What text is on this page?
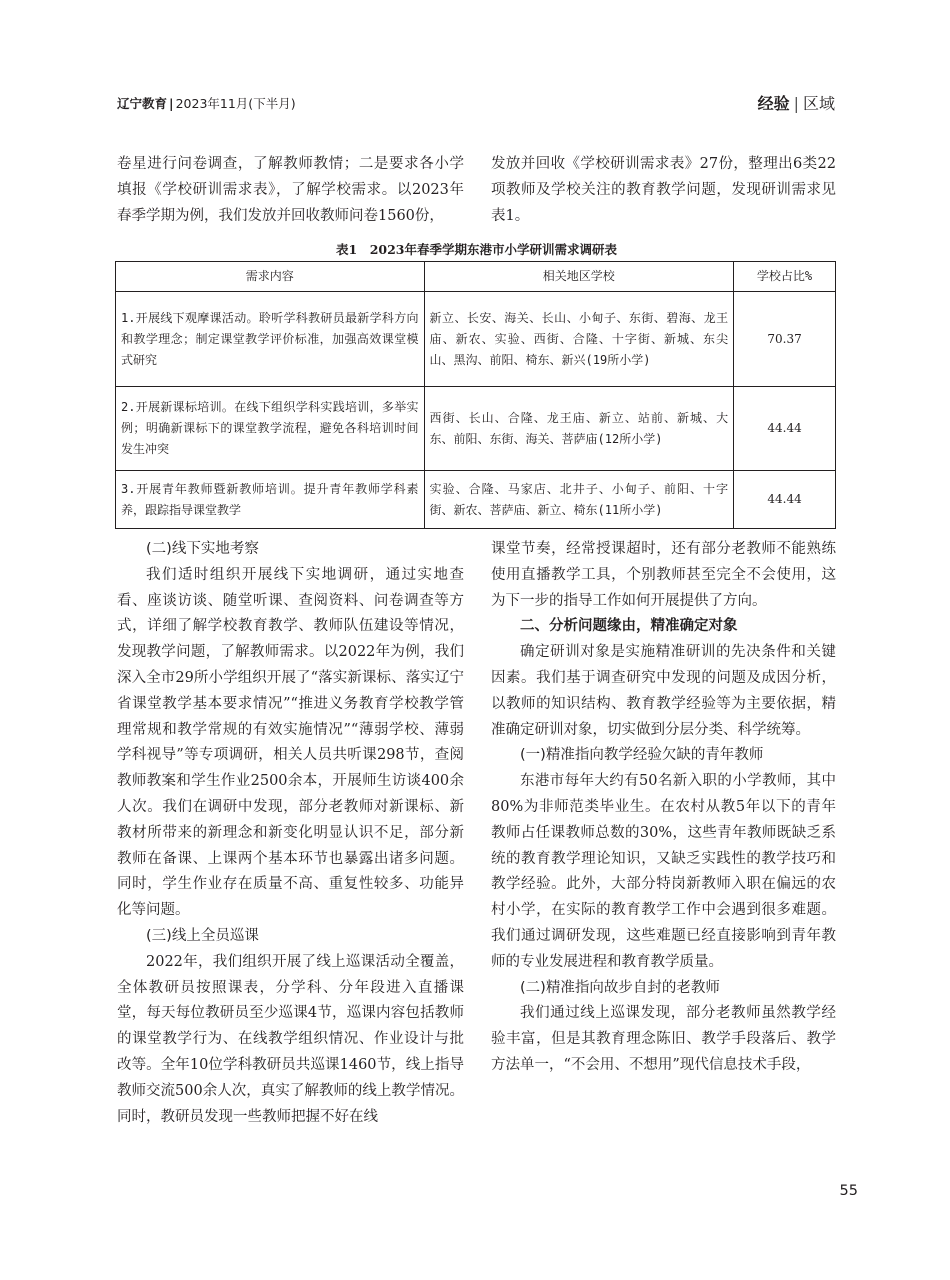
辽宁教育 | 2023年11月(下半月)	经验 | 区域

卷星进行问卷调查，了解教师教情；二是要求各小学填报《学校研训需求表》，了解学校需求。以2023年春季学期为例，我们发放并回收教师问卷1560份，

发放并回收《学校研训需求表》27份，整理出6类22项教师及学校关注的教育教学问题，发现研训需求见表1。

表1　2023年春季学期东港市小学研训需求调研表
需求内容	相关地区学校	学校占比%
1.开展线下观摩课活动。聆听学科教研员最新学科方向和教学理念；制定课堂教学评价标准，加强高效课堂模式研究	新立、长安、海关、长山、小甸子、东街、碧海、龙王庙、新农、实验、西街、合隆、十字街、新城、东尖山、黑沟、前阳、椅东、新兴(19所小学)	70.37
2.开展新课标培训。在线下组织学科实践培训，多举实例；明确新课标下的课堂教学流程，避免各科培训时间发生冲突	西街、长山、合隆、龙王庙、新立、站前、新城、大东、前阳、东街、海关、菩萨庙(12所小学)	44.44
3.开展青年教师暨新教师培训。提升青年教师学科素养，跟踪指导课堂教学	实验、合隆、马家店、北井子、小甸子、前阳、十字街、新农、菩萨庙、新立、椅东(11所小学)	44.44
(二)线下实地考察

我们适时组织开展线下实地调研，通过实地查看、座谈访谈、随堂听课、查阅资料、问卷调查等方式，详细了解学校教育教学、教师队伍建设等情况，发现教学问题，了解教师需求。以2022年为例，我们深入全市29所小学组织开展了“落实新课标、落实辽宁省课堂教学基本要求情况”“推进义务教育学校教学管理常规和教学常规的有效实施情况”“薄弱学校、薄弱学科视导”等专项调研，相关人员共听课298节，查阅教师教案和学生作业2500余本，开展师生访谈400余人次。我们在调研中发现，部分老教师对新课标、新教材所带来的新理念和新变化明显认识不足，部分新教师在备课、上课两个基本环节也暴露出诸多问题。同时，学生作业存在质量不高、重复性较多、功能异化等问题。

(三)线上全员巡课

2022年，我们组织开展了线上巡课活动全覆盖，全体教研员按照课表，分学科、分年段进入直播课堂，每天每位教研员至少巡课4节，巡课内容包括教师的课堂教学行为、在线教学组织情况、作业设计与批改等。全年10位学科教研员共巡课1460节，线上指导教师交流500余人次，真实了解教师的线上教学情况。同时，教研员发现一些教师把握不好在线

课堂节奏，经常授课超时，还有部分老教师不能熟练使用直播教学工具，个别教师甚至完全不会使用，这为下一步的指导工作如何开展提供了方向。

二、分析问题缘由，精准确定对象

确定研训对象是实施精准研训的先决条件和关键因素。我们基于调查研究中发现的问题及成因分析，以教师的知识结构、教育教学经验等为主要依据，精准确定研训对象，切实做到分层分类、科学统筹。

(一)精准指向教学经验欠缺的青年教师

东港市每年大约有50名新入职的小学教师，其中80%为非师范类毕业生。在农村从教5年以下的青年教师占任课教师总数的30%，这些青年教师既缺乏系统的教育教学理论知识，又缺乏实践性的教学技巧和教学经验。此外，大部分特岗新教师入职在偏远的农村小学，在实际的教育教学工作中会遇到很多难题。我们通过调研发现，这些难题已经直接影响到青年教师的专业发展进程和教育教学质量。

(二)精准指向故步自封的老教师

我们通过线上巡课发现，部分老教师虽然教学经验丰富，但是其教育理念陈旧、教学手段落后、教学方法单一，“不会用、不想用”现代信息技术手段，

55
